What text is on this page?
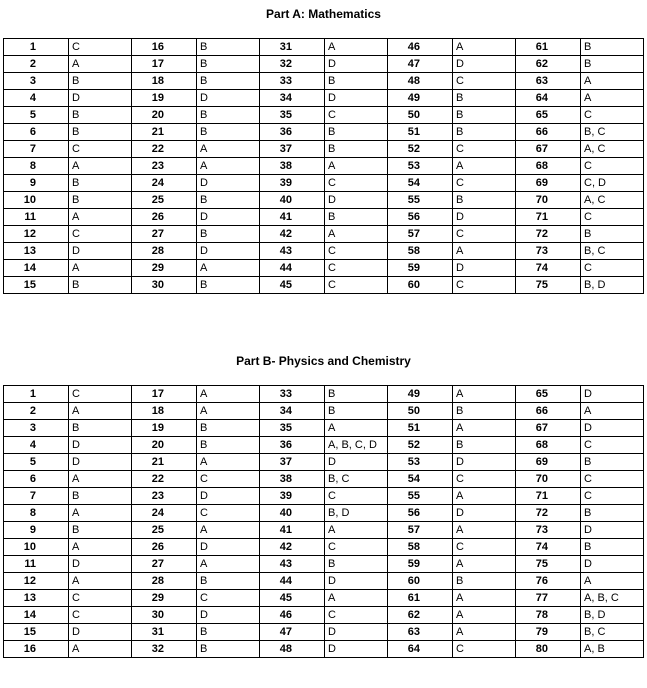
Part A: Mathematics
1	C	16	B	31	A	46	A	61	B
2	A	17	B	32	D	47	D	62	B
3	B	18	B	33	B	48	C	63	A
4	D	19	D	34	D	49	B	64	A
5	B	20	B	35	C	50	B	65	C
6	B	21	B	36	B	51	B	66	B, C
7	C	22	A	37	B	52	C	67	A, C
8	A	23	A	38	A	53	A	68	C
9	B	24	D	39	C	54	C	69	C, D
10	B	25	B	40	D	55	B	70	A, C
11	A	26	D	41	B	56	D	71	C
12	C	27	B	42	A	57	C	72	B
13	D	28	D	43	C	58	A	73	B, C
14	A	29	A	44	C	59	D	74	C
15	B	30	B	45	C	60	C	75	B, D
Part B- Physics and Chemistry
1	C	17	A	33	B	49	A	65	D
2	A	18	A	34	B	50	B	66	A
3	B	19	B	35	A	51	A	67	D
4	D	20	B	36	A, B, C, D	52	B	68	C
5	D	21	A	37	D	53	D	69	B
6	A	22	C	38	B, C	54	C	70	C
7	B	23	D	39	C	55	A	71	C
8	A	24	C	40	B, D	56	D	72	B
9	B	25	A	41	A	57	A	73	D
10	A	26	D	42	C	58	C	74	B
11	D	27	A	43	B	59	A	75	D
12	A	28	B	44	D	60	B	76	A
13	C	29	C	45	A	61	A	77	A, B, C
14	C	30	D	46	C	62	A	78	B, D
15	D	31	B	47	D	63	A	79	B, C
16	A	32	B	48	D	64	C	80	A, B
